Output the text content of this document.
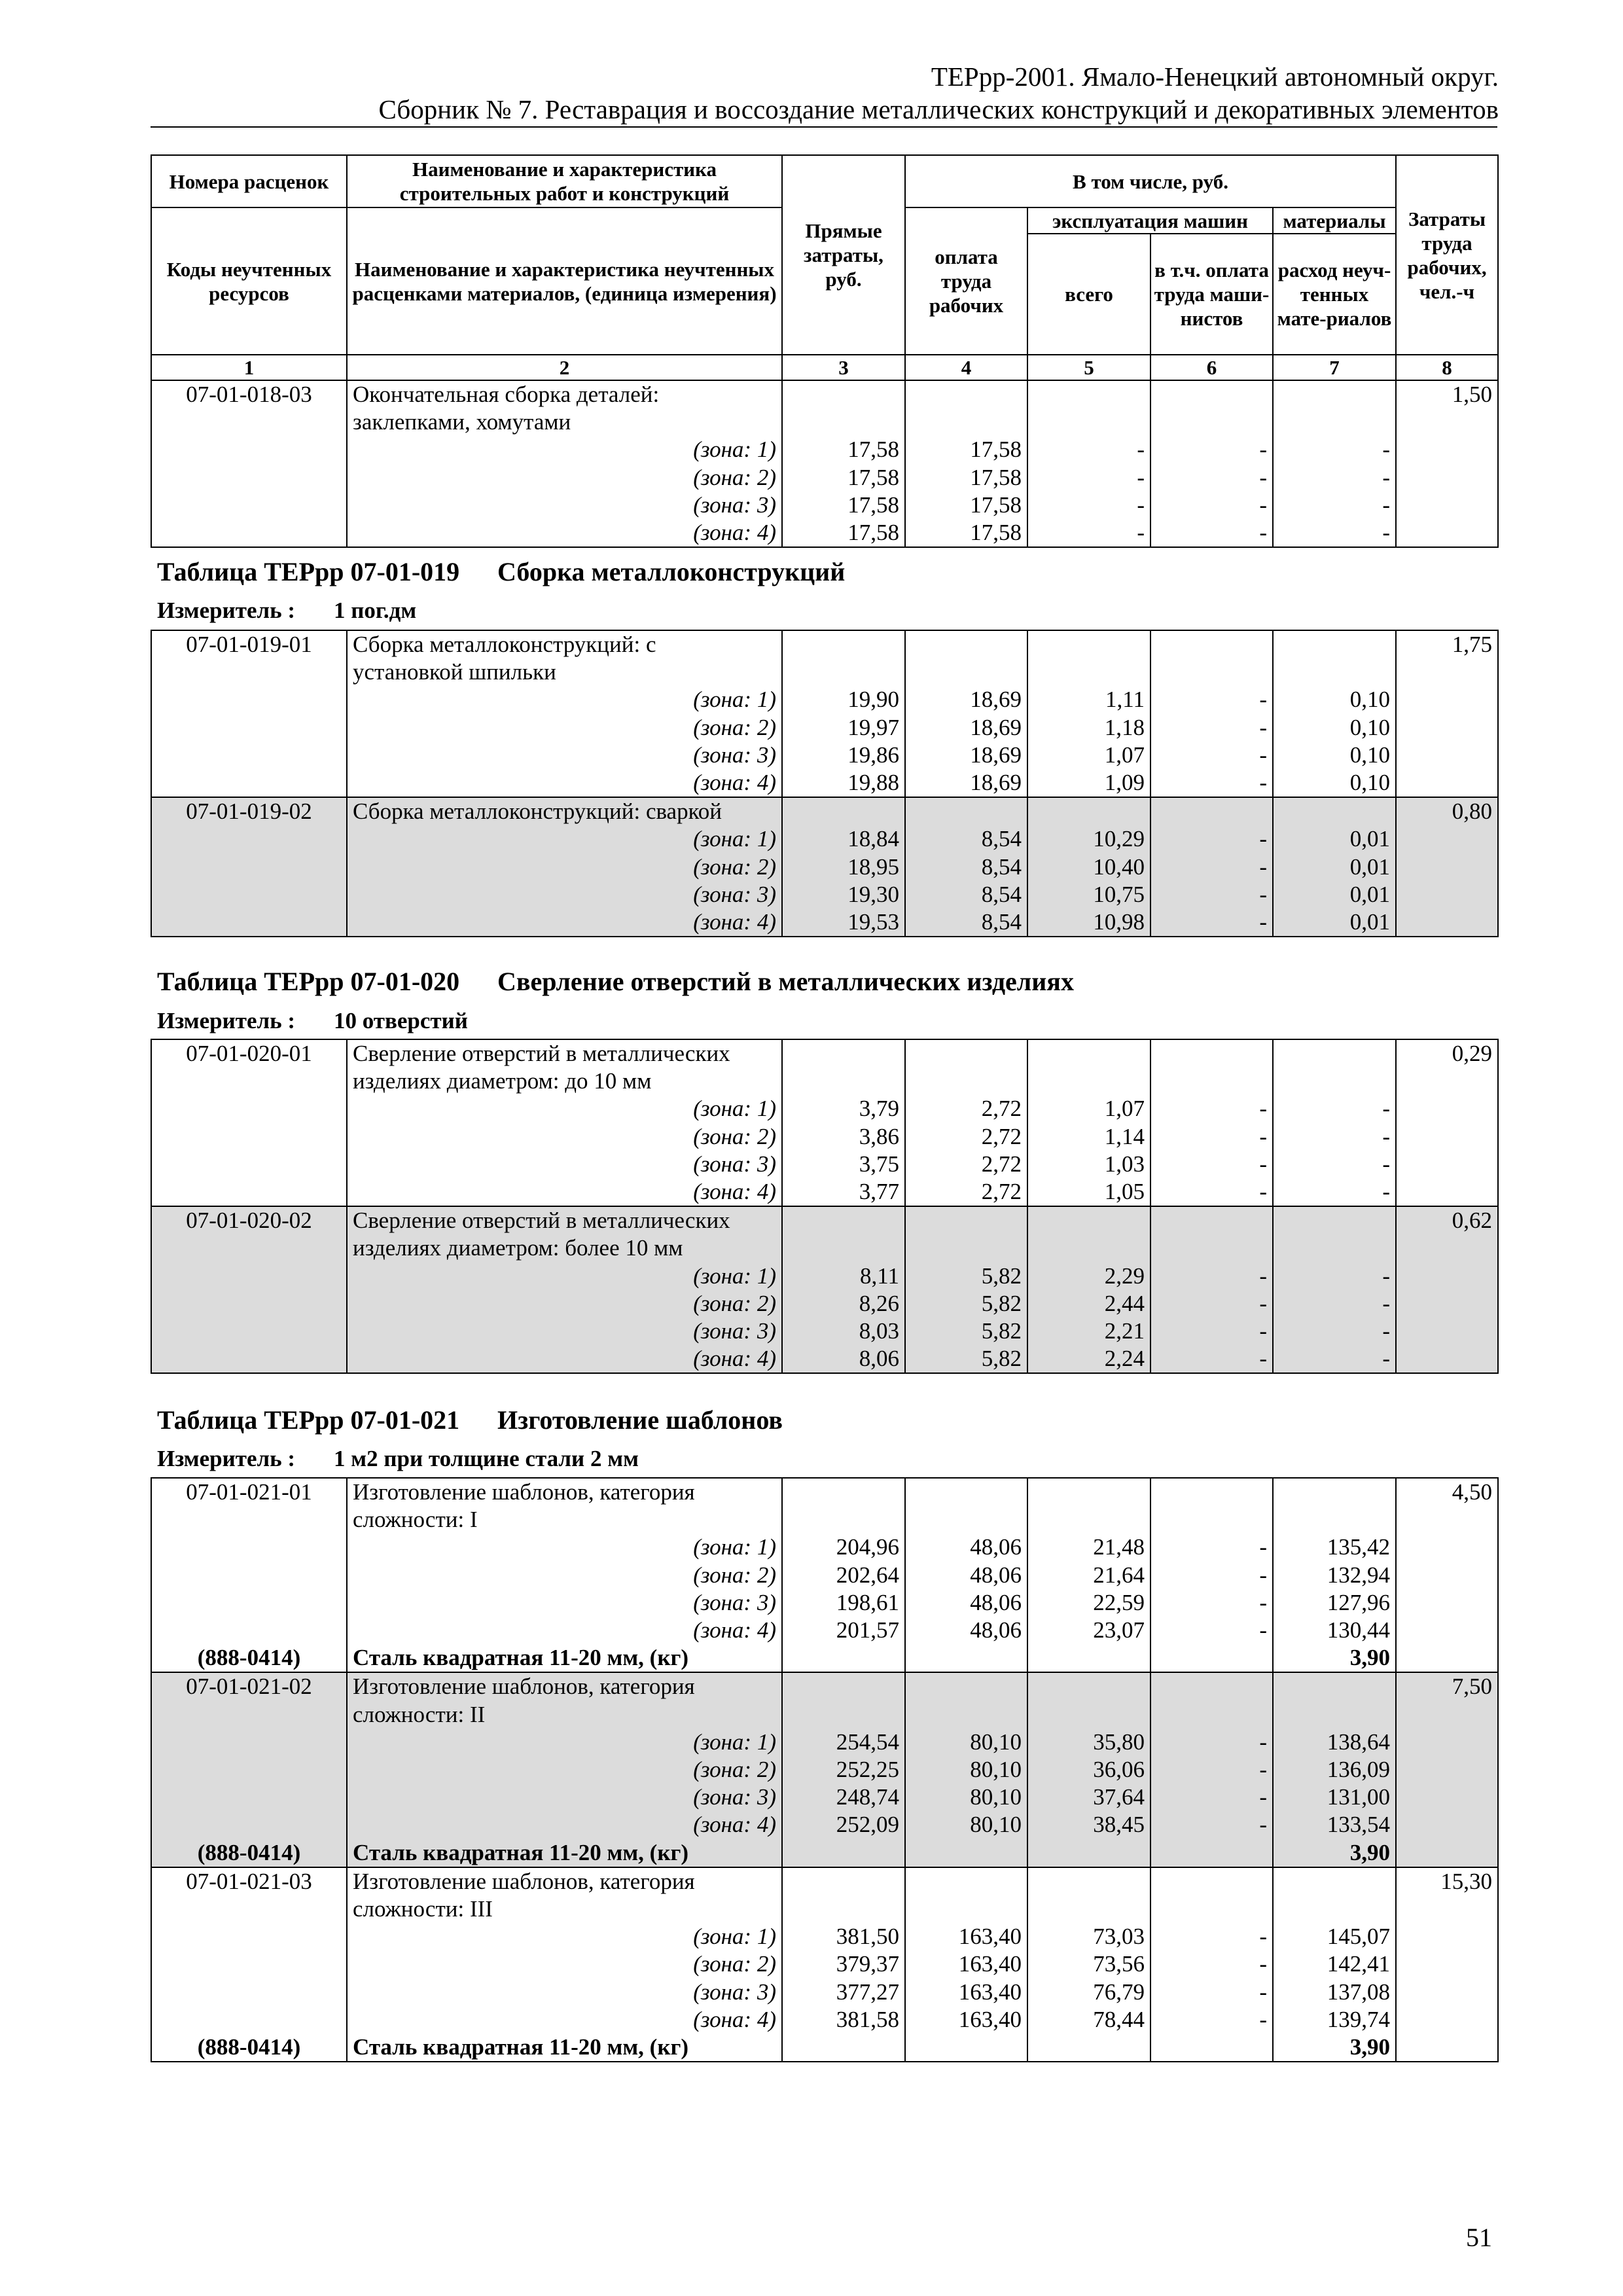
ТЕРрр-2001. Ямало-Ненецкий автономный округ.
Сборник № 7. Реставрация и воссоздание металлических конструкций и декоративных элементов
Номера расценок	Наименование и характеристика строительных работ и конструкций	Прямые затраты, руб.	В том числе, руб.				Затраты труда рабочих, чел.-ч
Коды неучтенных ресурсов	Наименование и характеристика неучтенных расценками материалов, (единица измерения)		оплата труда рабочих	эксплуатация машин		материалы	
				всего	в т.ч. оплата труда маши-нистов	расход неуч-тенных мате-риалов	
1	2	3	4	5	6	7	8
07-01-018-03	Окончательная сборка деталей:						1,50
	заклепками, хомутами						
	(зона: 1)	17,58	17,58	-	-	-	
	(зона: 2)	17,58	17,58	-	-	-	
	(зона: 3)	17,58	17,58	-	-	-	
	(зона: 4)	17,58	17,58	-	-	-	
Таблица ТЕРрр 07-01-019 Сборка металлоконструкций
Измеритель : 1 пог.дм
07-01-019-01	Сборка металлоконструкций: с						1,75
	установкой шпильки						
	(зона: 1)	19,90	18,69	1,11	-	0,10	
	(зона: 2)	19,97	18,69	1,18	-	0,10	
	(зона: 3)	19,86	18,69	1,07	-	0,10	
	(зона: 4)	19,88	18,69	1,09	-	0,10	
07-01-019-02	Сборка металлоконструкций: сваркой						0,80
	(зона: 1)	18,84	8,54	10,29	-	0,01	
	(зона: 2)	18,95	8,54	10,40	-	0,01	
	(зона: 3)	19,30	8,54	10,75	-	0,01	
	(зона: 4)	19,53	8,54	10,98	-	0,01	
Таблица ТЕРрр 07-01-020 Сверление отверстий в металлических изделиях
Измеритель : 10 отверстий
07-01-020-01	Сверление отверстий в металлических						0,29
	изделиях диаметром: до 10 мм						
	(зона: 1)	3,79	2,72	1,07	-	-	
	(зона: 2)	3,86	2,72	1,14	-	-	
	(зона: 3)	3,75	2,72	1,03	-	-	
	(зона: 4)	3,77	2,72	1,05	-	-	
07-01-020-02	Сверление отверстий в металлических						0,62
	изделиях диаметром: более 10 мм						
	(зона: 1)	8,11	5,82	2,29	-	-	
	(зона: 2)	8,26	5,82	2,44	-	-	
	(зона: 3)	8,03	5,82	2,21	-	-	
	(зона: 4)	8,06	5,82	2,24	-	-	
Таблица ТЕРрр 07-01-021 Изготовление шаблонов
Измеритель : 1 м2 при толщине стали 2 мм
07-01-021-01	Изготовление шаблонов, категория						4,50
	сложности: I						
	(зона: 1)	204,96	48,06	21,48	-	135,42	
	(зона: 2)	202,64	48,06	21,64	-	132,94	
	(зона: 3)	198,61	48,06	22,59	-	127,96	
	(зона: 4)	201,57	48,06	23,07	-	130,44	
(888-0414)	Сталь квадратная 11-20 мм, (кг)					3,90	
07-01-021-02	Изготовление шаблонов, категория						7,50
	сложности: II						
	(зона: 1)	254,54	80,10	35,80	-	138,64	
	(зона: 2)	252,25	80,10	36,06	-	136,09	
	(зона: 3)	248,74	80,10	37,64	-	131,00	
	(зона: 4)	252,09	80,10	38,45	-	133,54	
(888-0414)	Сталь квадратная 11-20 мм, (кг)					3,90	
07-01-021-03	Изготовление шаблонов, категория						15,30
	сложности: III						
	(зона: 1)	381,50	163,40	73,03	-	145,07	
	(зона: 2)	379,37	163,40	73,56	-	142,41	
	(зона: 3)	377,27	163,40	76,79	-	137,08	
	(зона: 4)	381,58	163,40	78,44	-	139,74	
(888-0414)	Сталь квадратная 11-20 мм, (кг)					3,90	
51
